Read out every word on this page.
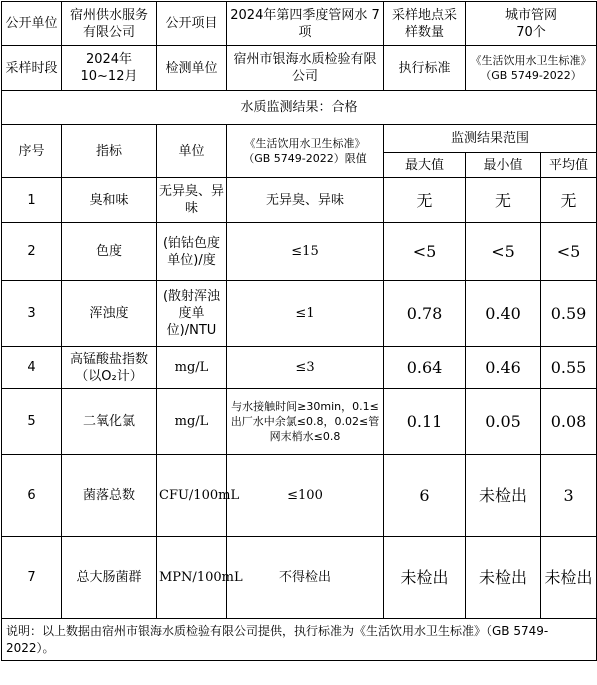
公开单位	宿州供水服务有限公司	公开项目	2024年第四季度管网水 7项	采样地点采样数量	城市管网
70个	

采样时段	2024年
10~12月	检测单位	宿州市银海水质检验有限公司	执行标准	《生活饮用水卫生标准》
（GB 5749-2022）	

水质监测结果：合格						
序号	指标	单位	《生活饮用水卫生标准》
（GB 5749-2022）限值	监测结果范围		
				最大值	最小值	平均值
1	臭和味	无异臭、异味	无异臭、异味	无	无	无
2	色度	(铂钴色度单位)/度	≤15	<5	<5	<5
3	浑浊度	(散射浑浊度单位)/NTU	≤1	0.78	0.40	0.59
4	高锰酸盐指数（以O₂计）	mg/L	≤3	0.64	0.46	0.55
5	二氧化氯	mg/L	与水接触时间≥30min，0.1≤出厂水中余氯≤0.8，0.02≤管网末梢水≤0.8	0.11	0.05	0.08
6	菌落总数	CFU/100mL	≤100	6	未检出	3
7	总大肠菌群	MPN/100mL	不得检出	未检出	未检出	未检出
说明：以上数据由宿州市银海水质检验有限公司提供，执行标准为《生活饮用水卫生标准》（GB 5749-2022）。						
